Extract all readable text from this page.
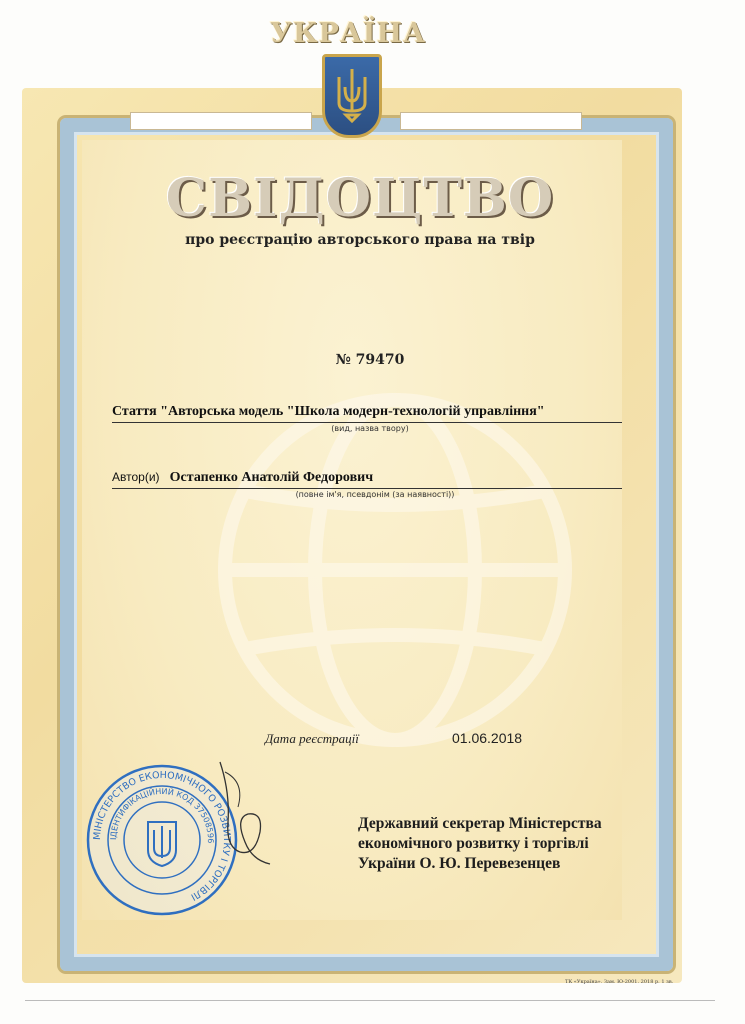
УКРАЇНА
СВІДОЦТВО
про реєстрацію авторського права на твір
№ 79470
Стаття "Авторська модель "Школа модерн-технологій управління"
(вид, назва твору)
Автор(и) Остапенко Анатолій Федорович
(повне ім'я, псевдонім (за наявності))
Дата реєстрації	01.06.2018
МІНІСТЕРСТВО ЕКОНОМІЧНОГО РОЗВИТКУ І ТОРГІВЛІ
ІДЕНТИФІКАЦІЙНИЙ КОД 37508596
Державний секретар Міністерства
економічного розвитку і торгівлі
України О. Ю. Перевезенцев
ТК «Україна». Зам. Ю-2001. 2018 р. 1 зв.
